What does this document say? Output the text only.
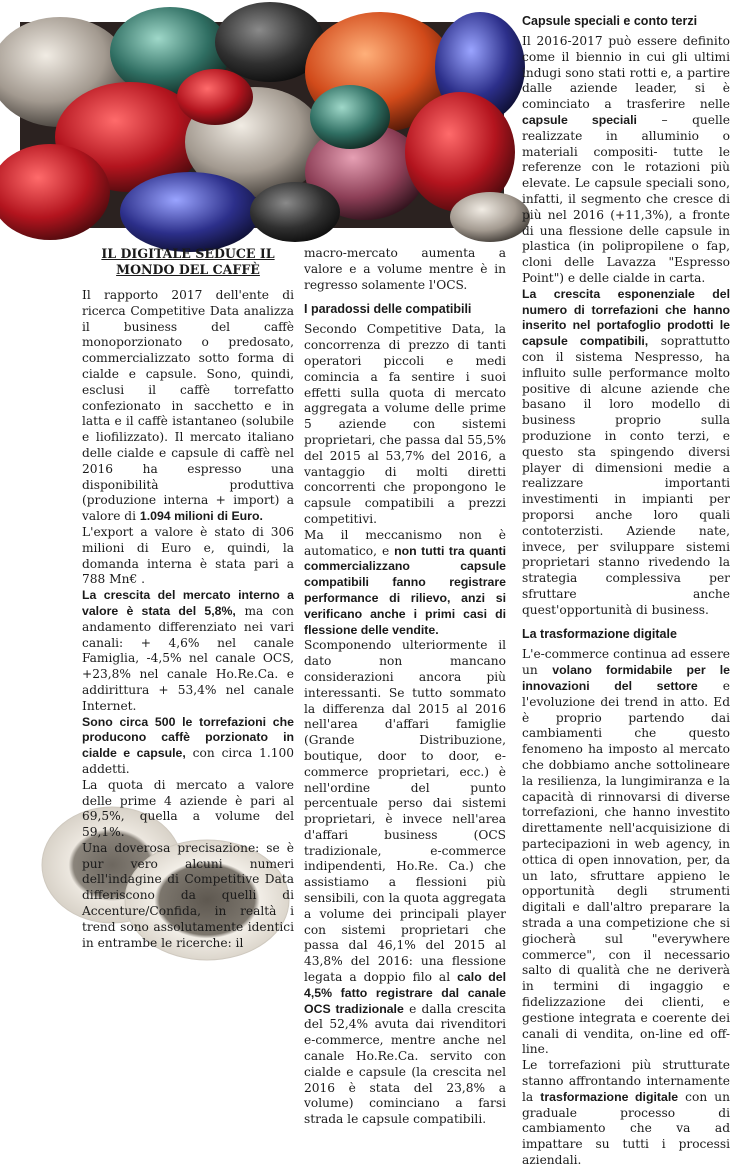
IL DIGITALE SEDUCE IL MONDO DEL CAFFÈ

Il rapporto 2017 dell'ente di ricerca Competitive Data analizza il business del caffè monoporzionato o predosato, commercializzato sotto forma di cialde e capsule. Sono, quindi, esclusi il caffè torrefatto confezionato in sacchetto e in latta e il caffè istantaneo (solubile e liofilizzato). Il mercato italiano delle cialde e capsule di caffè nel 2016 ha espresso una disponibilità produttiva (produzione interna + import) a valore di 1.094 milioni di Euro.

L'export a valore è stato di 306 milioni di Euro e, quindi, la domanda interna è stata pari a 788 Mn€ .

La crescita del mercato interno a valore è stata del 5,8%, ma con andamento differenziato nei vari canali: + 4,6% nel canale Famiglia, -4,5% nel canale OCS, +23,8% nel canale Ho.Re.Ca. e addirittura + 53,4% nel canale Internet.

Sono circa 500 le torrefazioni che producono caffè porzionato in cialde e capsule, con circa 1.100 addetti.

La quota di mercato a valore delle prime 4 aziende è pari al 69,5%, quella a volume del 59,1%.

Una doverosa precisazione: se è pur vero alcuni numeri dell'indagine di Competitive Data differiscono da quelli di Accenture/Confida, in realtà i trend sono assolutamente identici in entrambe le ricerche: il

macro-mercato aumenta a valore e a volume mentre è in regresso solamente l'OCS.

I paradossi delle compatibili

Secondo Competitive Data, la concorrenza di prezzo di tanti operatori piccoli e medi comincia a fa sentire i suoi effetti sulla quota di mercato aggregata a volume delle prime 5 aziende con sistemi proprietari, che passa dal 55,5% del 2015 al 53,7% del 2016, a vantaggio di molti diretti concorrenti che propongono le capsule compatibili a prezzi competitivi.

Ma il meccanismo non è automatico, e non tutti tra quanti commercializzano capsule compatibili fanno registrare performance di rilievo, anzi si verificano anche i primi casi di flessione delle vendite.

Scomponendo ulteriormente il dato non mancano considerazioni ancora più interessanti. Se tutto sommato la differenza dal 2015 al 2016 nell'area d'affari famiglie (Grande Distribuzione, boutique, door to door, e-commerce proprietari, ecc.) è nell'ordine del punto percentuale perso dai sistemi proprietari, è invece nell'area d'affari business (OCS tradizionale, e-commerce indipendenti, Ho.Re. Ca.) che assistiamo a flessioni più sensibili, con la quota aggregata a volume dei principali player con sistemi proprietari che passa dal 46,1% del 2015 al 43,8% del 2016: una flessione legata a doppio filo al calo del 4,5% fatto registrare dal canale OCS tradizionale e dalla crescita del 52,4% avuta dai rivenditori e-commerce, mentre anche nel canale Ho.Re.Ca. servito con cialde e capsule (la crescita nel 2016 è stata del 23,8% a volume) cominciano a farsi strada le capsule compatibili.

Capsule speciali e conto terzi

Il 2016-2017 può essere definito come il biennio in cui gli ultimi indugi sono stati rotti e, a partire dalle aziende leader, si è cominciato a trasferire nelle capsule speciali – quelle realizzate in alluminio o materiali compositi- tutte le referenze con le rotazioni più elevate. Le capsule speciali sono, infatti, il segmento che cresce di più nel 2016 (+11,3%), a fronte di una flessione delle capsule in plastica (in polipropilene o fap, cloni delle Lavazza "Espresso Point") e delle cialde in carta.

La crescita esponenziale del numero di torrefazioni che hanno inserito nel portafoglio prodotti le capsule compatibili, soprattutto con il sistema Nespresso, ha influito sulle performance molto positive di alcune aziende che basano il loro modello di business proprio sulla produzione in conto terzi, e questo sta spingendo diversi player di dimensioni medie a realizzare importanti investimenti in impianti per proporsi anche loro quali contoterzisti. Aziende nate, invece, per sviluppare sistemi proprietari stanno rivedendo la strategia complessiva per sfruttare anche quest'opportunità di business.

La trasformazione digitale

L'e-commerce continua ad essere un volano formidabile per le innovazioni del settore e l'evoluzione dei trend in atto. Ed è proprio partendo dai cambiamenti che questo fenomeno ha imposto al mercato che dobbiamo anche sottolineare la resilienza, la lungimiranza e la capacità di rinnovarsi di diverse torrefazioni, che hanno investito direttamente nell'acquisizione di partecipazioni in web agency, in ottica di open innovation, per, da un lato, sfruttare appieno le opportunità degli strumenti digitali e dall'altro preparare la strada a una competizione che si giocherà sul "everywhere commerce", con il necessario salto di qualità che ne deriverà in termini di ingaggio e fidelizzazione dei clienti, e gestione integrata e coerente dei canali di vendita, on-line ed off-line.

Le torrefazioni più strutturate stanno affrontando internamente la trasformazione digitale con un graduale processo di cambiamento che va ad impattare su tutti i processi aziendali.
